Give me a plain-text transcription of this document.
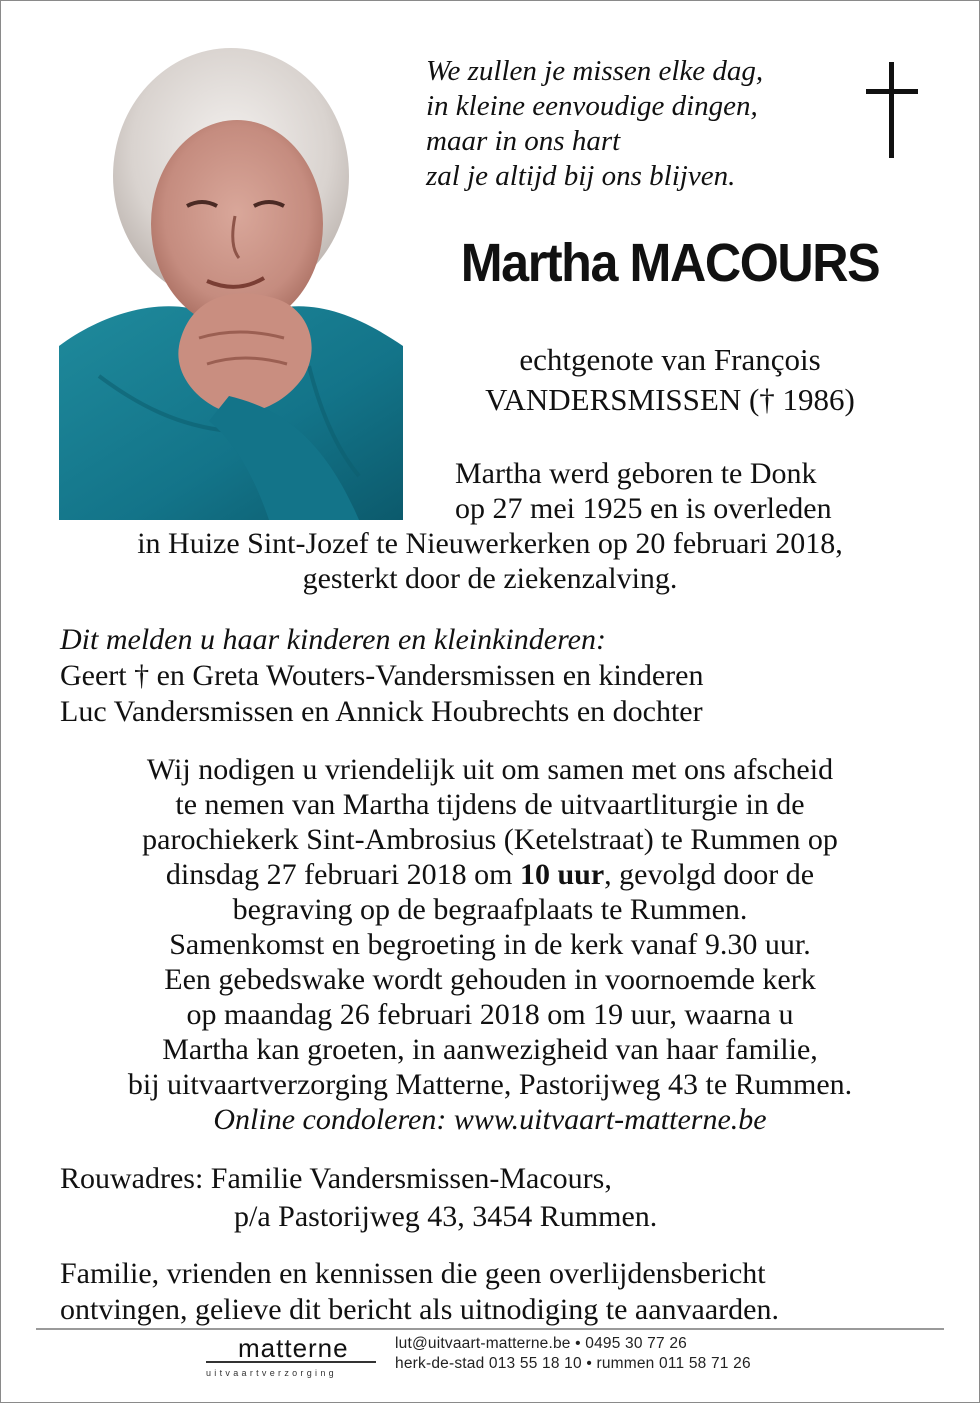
We zullen je missen elke dag,
in kleine eenvoudige dingen,
maar in ons hart
zal je altijd bij ons blijven.
Martha MACOURS
echtgenote van François
VANDERSMISSEN († 1986)
Martha werd geboren te Donk
op 27 mei 1925 en is overleden
in Huize Sint-Jozef te Nieuwerkerken op 20 februari 2018,
gesterkt door de ziekenzalving.
Dit melden u haar kinderen en kleinkinderen:
Geert † en Greta Wouters-Vandersmissen en kinderen
Luc Vandersmissen en Annick Houbrechts en dochter
Wij nodigen u vriendelijk uit om samen met ons afscheid
te nemen van Martha tijdens de uitvaartliturgie in de
parochiekerk Sint-Ambrosius (Ketelstraat) te Rummen op
dinsdag 27 februari 2018 om 10 uur, gevolgd door de
begraving op de begraafplaats te Rummen.
Samenkomst en begroeting in de kerk vanaf 9.30 uur.
Een gebedswake wordt gehouden in voornoemde kerk
op maandag 26 februari 2018 om 19 uur, waarna u
Martha kan groeten, in aanwezigheid van haar familie,
bij uitvaartverzorging Matterne, Pastorijweg 43 te Rummen.
Online condoleren: www.uitvaart-matterne.be
Rouwadres: Familie Vandersmissen-Macours,
p/a Pastorijweg 43, 3454 Rummen.
Familie, vrienden en kennissen die geen overlijdensbericht
ontvingen, gelieve dit bericht als uitnodiging te aanvaarden.
matterne
uitvaartverzorging
lut@uitvaart-matterne.be • 0495 30 77 26
herk-de-stad 013 55 18 10 • rummen 011 58 71 26
